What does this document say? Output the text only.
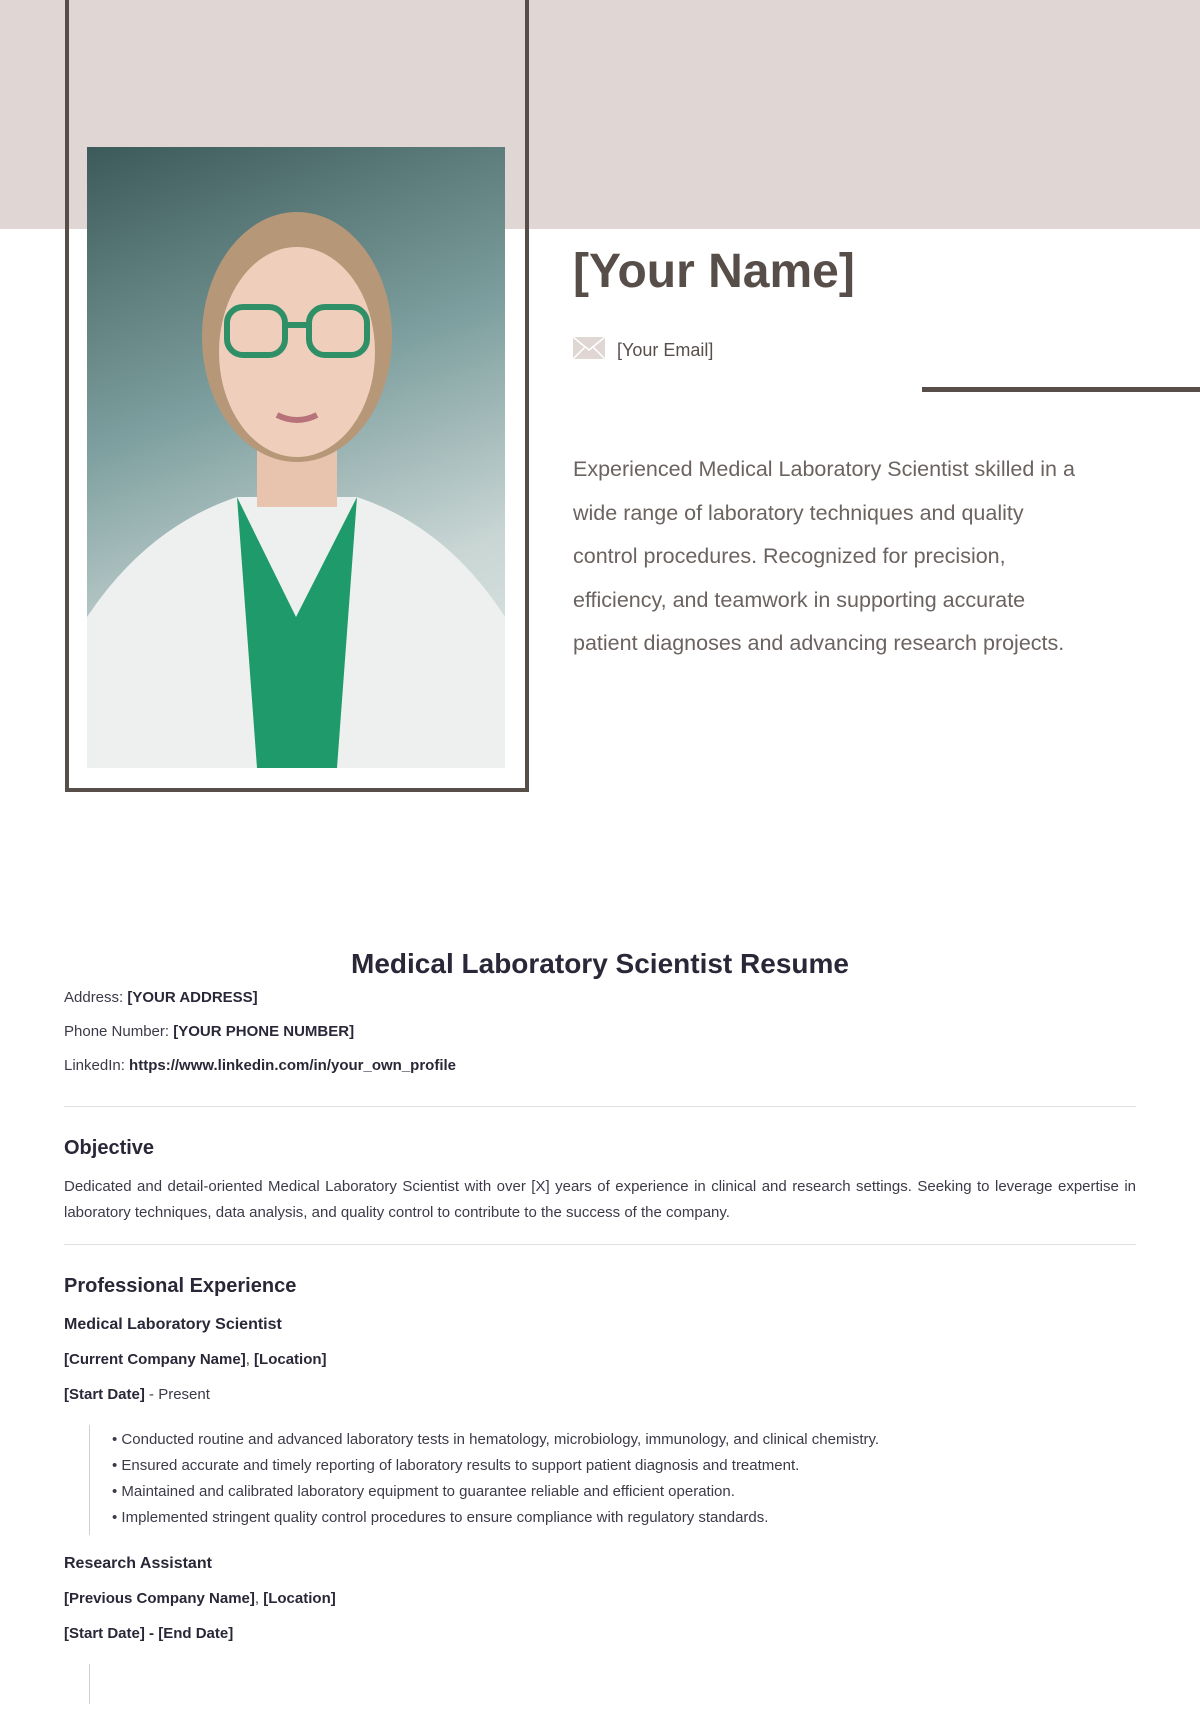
[Your Name]
[Your Email]
Experienced Medical Laboratory Scientist skilled in a wide range of laboratory techniques and quality control procedures. Recognized for precision, efficiency, and teamwork in supporting accurate patient diagnoses and advancing research projects.
Medical Laboratory Scientist Resume
Address: [YOUR ADDRESS]
Phone Number: [YOUR PHONE NUMBER]
LinkedIn: https://www.linkedin.com/in/your_own_profile
Objective
Dedicated and detail-oriented Medical Laboratory Scientist with over [X] years of experience in clinical and research settings. Seeking to leverage expertise in laboratory techniques, data analysis, and quality control to contribute to the success of the company.
Professional Experience
Medical Laboratory Scientist
[Current Company Name], [Location]
[Start Date] - Present
• Conducted routine and advanced laboratory tests in hematology, microbiology, immunology, and clinical chemistry.
• Ensured accurate and timely reporting of laboratory results to support patient diagnosis and treatment.
• Maintained and calibrated laboratory equipment to guarantee reliable and efficient operation.
• Implemented stringent quality control procedures to ensure compliance with regulatory standards.
Research Assistant
[Previous Company Name], [Location]
[Start Date] - [End Date]
